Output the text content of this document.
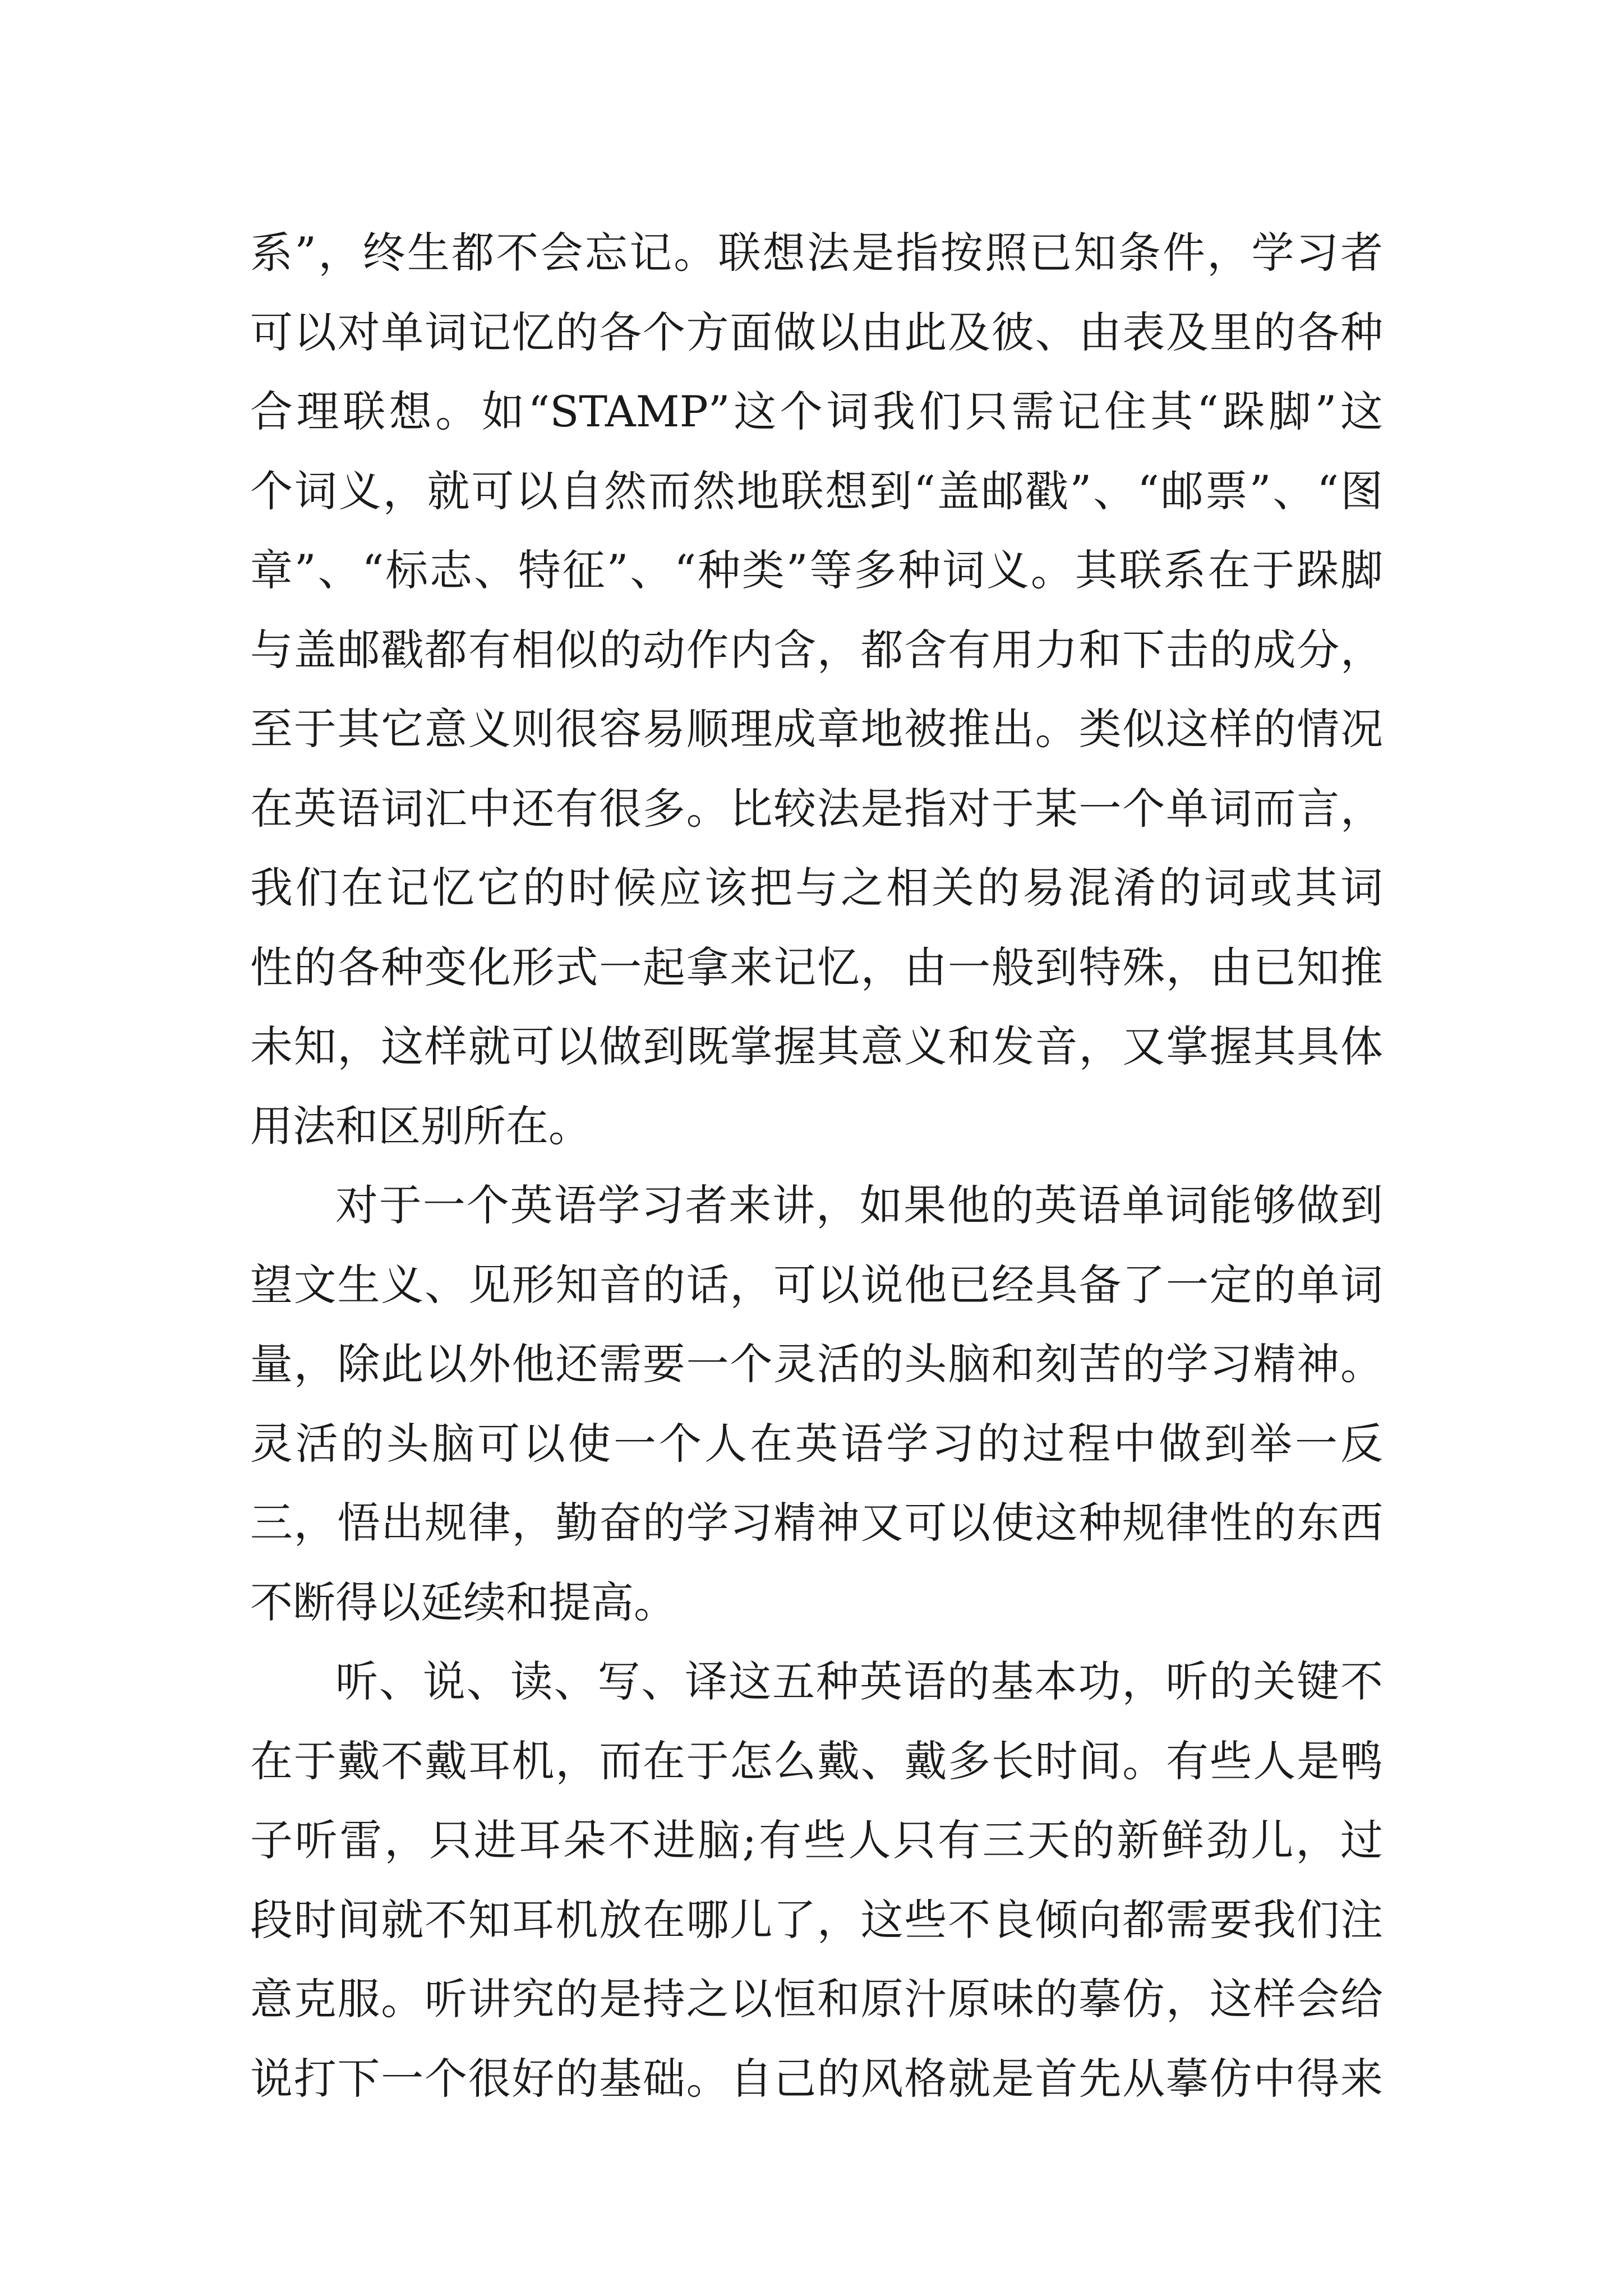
系”，终生都不会忘记。联想法是指按照已知条件，学习者
可以对单词记忆的各个方面做以由此及彼、由表及里的各种
合理联想。如“STAMP”这个词我们只需记住其“跺脚”这
个词义，就可以自然而然地联想到“盖邮戳”、“邮票”、“图
章”、“标志、特征”、“种类”等多种词义。其联系在于跺脚
与盖邮戳都有相似的动作内含，都含有用力和下击的成分，
至于其它意义则很容易顺理成章地被推出。类似这样的情况
在英语词汇中还有很多。比较法是指对于某一个单词而言，
我们在记忆它的时候应该把与之相关的易混淆的词或其词
性的各种变化形式一起拿来记忆，由一般到特殊，由已知推
未知，这样就可以做到既掌握其意义和发音，又掌握其具体
用法和区别所在。
对于一个英语学习者来讲，如果他的英语单词能够做到
望文生义、见形知音的话，可以说他已经具备了一定的单词
量，除此以外他还需要一个灵活的头脑和刻苦的学习精神。
灵活的头脑可以使一个人在英语学习的过程中做到举一反
三，悟出规律，勤奋的学习精神又可以使这种规律性的东西
不断得以延续和提高。
听、说、读、写、译这五种英语的基本功，听的关键不
在于戴不戴耳机，而在于怎么戴、戴多长时间。有些人是鸭
子听雷，只进耳朵不进脑;有些人只有三天的新鲜劲儿，过
段时间就不知耳机放在哪儿了，这些不良倾向都需要我们注
意克服。听讲究的是持之以恒和原汁原味的摹仿，这样会给
说打下一个很好的基础。自己的风格就是首先从摹仿中得来
